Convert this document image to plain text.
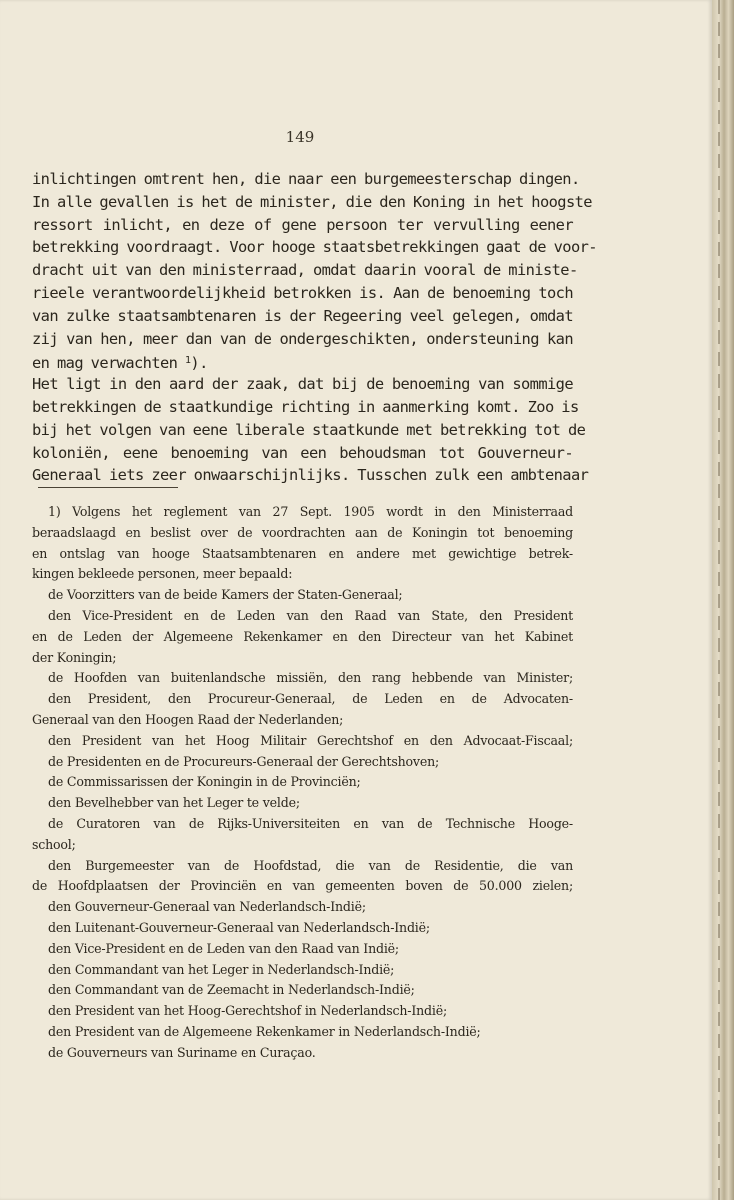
149
inlichtingen omtrent hen, die naar een burgemeesterschap dingen.
In alle gevallen is het de minister, die den Koning in het hoogste
ressort inlicht, en deze of gene persoon ter vervulling eener
betrekking voordraagt. Voor hooge staatsbetrekkingen gaat de voor-
dracht uit van den ministerraad, omdat daarin vooral de ministe-
rieele verantwoordelijkheid betrokken is. Aan de benoeming toch
van zulke staatsambtenaren is der Regeering veel gelegen, omdat
zij van hen, meer dan van de ondergeschikten, ondersteuning kan
en mag verwachten $^1$).
Het ligt in den aard der zaak, dat bij de benoeming van sommige
betrekkingen de staatkundige richting in aanmerking komt. Zoo is
bij het volgen van eene liberale staatkunde met betrekking tot de
koloniën, eene benoeming van een behoudsman tot Gouverneur-
Generaal iets zeer onwaarschijnlijks. Tusschen zulk een ambtenaar
1) Volgens het reglement van 27 Sept. 1905 wordt in den Ministerraad
beraadslaagd en beslist over de voordrachten aan de Koningin tot benoeming
en ontslag van hooge Staatsambtenaren en andere met gewichtige betrek-
kingen bekleede personen, meer bepaald:
de Voorzitters van de beide Kamers der Staten-Generaal;
den Vice-President en de Leden van den Raad van State, den President
en de Leden der Algemeene Rekenkamer en den Directeur van het Kabinet
der Koningin;
de Hoofden van buitenlandsche missiën, den rang hebbende van Minister;
den President, den Procureur-Generaal, de Leden en de Advocaten-
Generaal van den Hoogen Raad der Nederlanden;
den President van het Hoog Militair Gerechtshof en den Advocaat-Fiscaal;
de Presidenten en de Procureurs-Generaal der Gerechtshoven;
de Commissarissen der Koningin in de Provinciën;
den Bevelhebber van het Leger te velde;
de Curatoren van de Rijks-Universiteiten en van de Technische Hooge-
school;
den Burgemeester van de Hoofdstad, die van de Residentie, die van
de Hoofdplaatsen der Provinciën en van gemeenten boven de 50.000 zielen;
den Gouverneur-Generaal van Nederlandsch-Indië;
den Luitenant-Gouverneur-Generaal van Nederlandsch-Indië;
den Vice-President en de Leden van den Raad van Indië;
den Commandant van het Leger in Nederlandsch-Indië;
den Commandant van de Zeemacht in Nederlandsch-Indië;
den President van het Hoog-Gerechtshof in Nederlandsch-Indië;
den President van de Algemeene Rekenkamer in Nederlandsch-Indië;
de Gouverneurs van Suriname en Curaçao.
